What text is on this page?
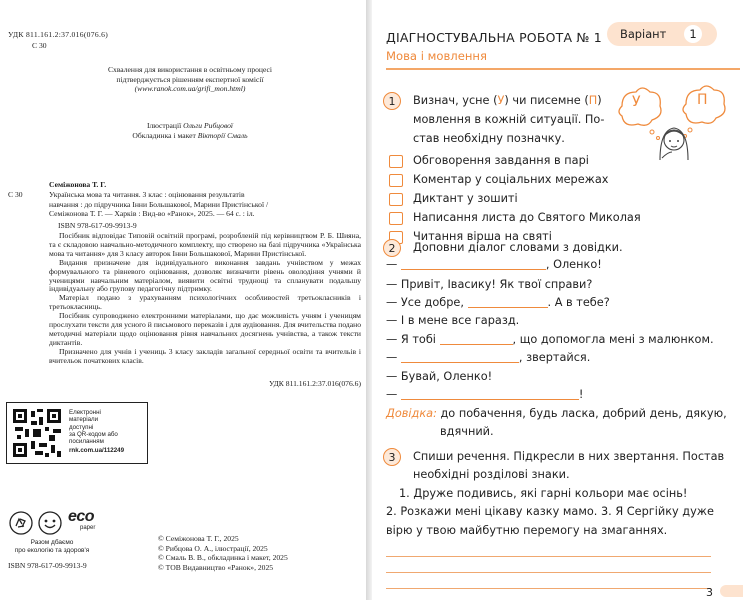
УДК 811.161.2:37.016(076.6)
С 30
Схвалення для використання в освітньому процесі
підтверджується рішенням експертної комісії
(www.ranok.com.ua/grifi_mon.html)
Ілюстрації Ольги Рибцової
Обкладинка і макет Вікторії Смаль
Семіжонова Т. Г.
С 30	Українська мова та читання. 3 клас : оцінювання результатів
навчання : до підручника Інни Большакової, Марини Пристінської /
Семіжонова Т. Г. — Харків : Вид-во «Ранок», 2025. — 64 с. : іл.
ISBN 978-617-09-9913-9

Посібник відповідає Типовій освітній програмі, розробленій під керівництвом Р. Б. Шияна, та є складовою навчально-методичного комплекту, що створено на базі підручника «Українська мова та читання» для 3 класу авторок Інни Большакової, Марини Пристінської.

Видання призначене для індивідуального виконання завдань учнівством у межах формувального та рівневого оцінювання, дозволяє визначити рівень оволодіння учнями й ученицями навчальним матеріалом, виявити освітні труднощі та спланувати подальшу індивідуальну або групову педагогічну підтримку.

Матеріал подано з урахуванням психологічних особливостей третьокласників і третьокласниць.

Посібник супроводжено електронними матеріалами, що дає можливість учням і ученицям прослухати тексти для усного й письмового переказів і для аудіювання. Для вчительства подано методичні матеріали щодо оцінювання рівня навчальних досягнень учнівства, а також тексти диктантів.

Призначено для учнів і учениць 3 класу закладів загальної середньої освіти та вчительів і вчительок початкових класів.

УДК 811.161.2:37.016(076.6)
Електронні
матеріали
доступні
за QR-кодом або
посиланням
rnk.com.ua/112249
eco
paper
Разом дбаємо
про екологію та здоров'я
ISBN 978-617-09-9913-9
© Семіжонова Т. Г., 2025
© Рибцова О. А., ілюстрації, 2025
© Смаль В. В., обкладинка і макет, 2025
© ТОВ Видавництво «Ранок», 2025
ДІАГНОСТУВАЛЬНА РОБОТА № 1
Мова і мовлення
Варіант	1
1	Визнач, усне (У) чи писемне (П)
мовлення в кожній ситуації. По-
став необхідну позначку.
У	П
Обговорення завдання в парі
Коментар у соціальних мережах
Диктант у зошиті
Написання листа до Святого Миколая
Читання вірша на святі
2	Доповни діалог словами з довідки.
—	, Оленко!
— Привіт, Івасику! Як твої справи?
— Усе добре,	. А в тебе?
— І в мене все гаразд.
— Я тобі	, що допомогла мені з малюнком.
—	, звертайся.
— Бувай, Оленко!
—	!
Довідка: до побачення, будь ласка, добрий день, дякую,
вдячний.
3	Спиши речення. Підкресли в них звертання. Постав
необхідні розділові знаки.
1. Друже подивись, які гарні кольори має осінь!
2. Розкажи мені цікаву казку мамо. 3. Я Сергійку дуже
вірю у твою майбутню перемогу на змаганнях.
3
